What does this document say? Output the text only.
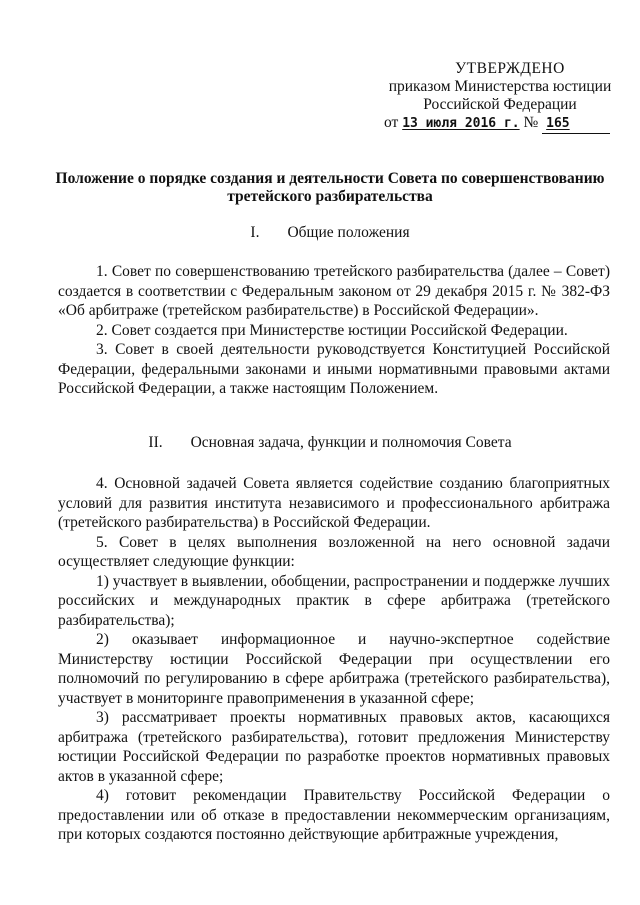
УТВЕРЖДЕНО
приказом Министерства юстиции
Российской Федерации
от 13 июля 2016 г. № 165
Положение о порядке создания и деятельности Совета по совершенствованию
третейского разбирательства
I. Общие положения

1. Совет по совершенствованию третейского разбирательства (далее – Совет) создается в соответствии с Федеральным законом от 29 декабря 2015 г. № 382-ФЗ «Об арбитраже (третейском разбирательстве) в Российской Федерации».

2. Совет создается при Министерстве юстиции Российской Федерации.

3. Совет в своей деятельности руководствуется Конституцией Российской Федерации, федеральными законами и иными нормативными правовыми актами Российской Федерации, а также настоящим Положением.

II. Основная задача, функции и полномочия Совета

4. Основной задачей Совета является содействие созданию благоприятных условий для развития института независимого и профессионального арбитража (третейского разбирательства) в Российской Федерации.

5. Совет в целях выполнения возложенной на него основной задачи осуществляет следующие функции:

1) участвует в выявлении, обобщении, распространении и поддержке лучших российских и международных практик в сфере арбитража (третейского разбирательства);

2) оказывает информационное и научно-экспертное содействие Министерству юстиции Российской Федерации при осуществлении его полномочий по регулированию в сфере арбитража (третейского разбирательства), участвует в мониторинге правоприменения в указанной сфере;

3) рассматривает проекты нормативных правовых актов, касающихся арбитража (третейского разбирательства), готовит предложения Министерству юстиции Российской Федерации по разработке проектов нормативных правовых актов в указанной сфере;

4) готовит рекомендации Правительству Российской Федерации о предоставлении или об отказе в предоставлении некоммерческим организациям, при которых создаются постоянно действующие арбитражные учреждения,
